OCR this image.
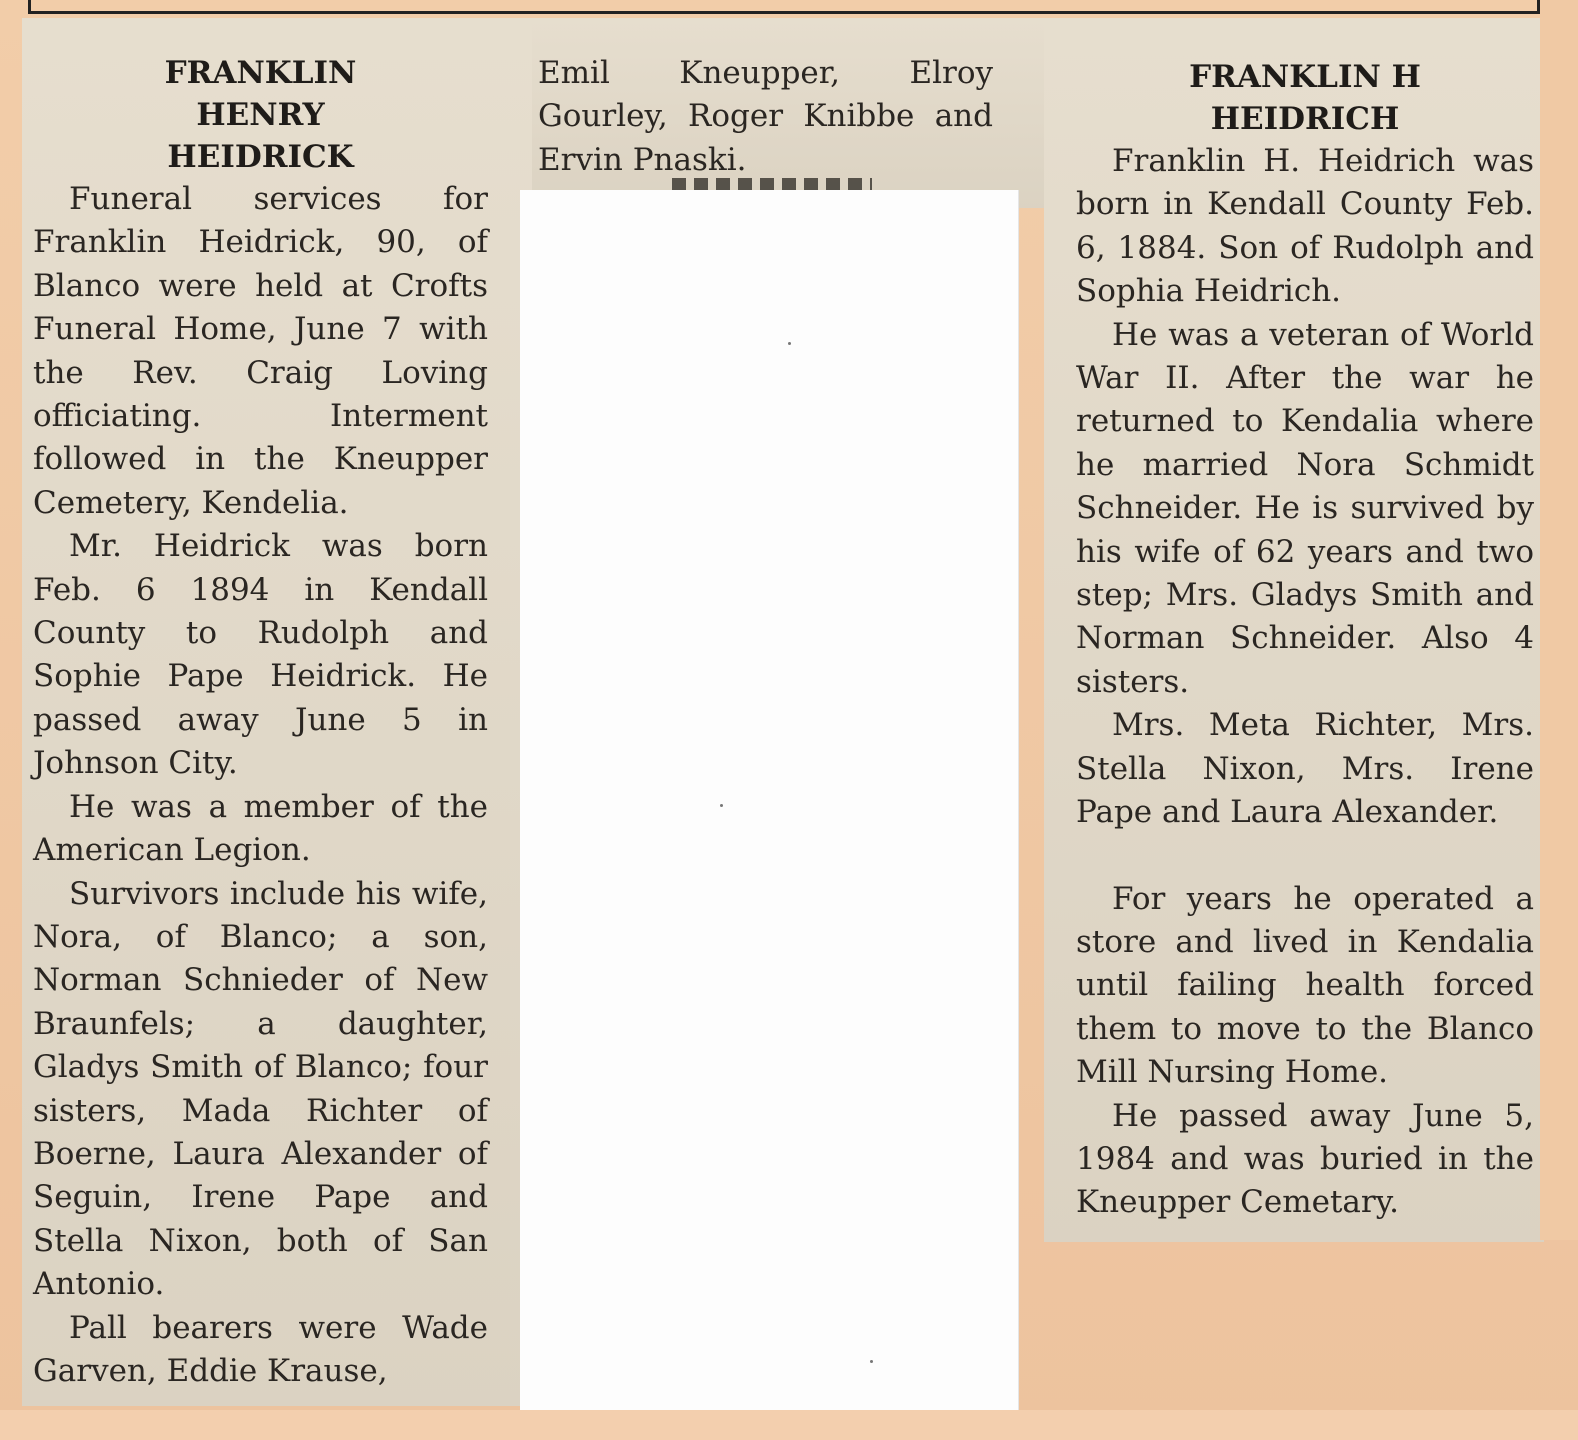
FRANKLIN

HENRY

HEIDRICK

Funeral services for Franklin Heidrick, 90, of Blanco were held at Crofts Funeral Home, June 7 with the Rev. Craig Loving officiating. Interment followed in the Kneupper Cemetery, Kendelia.

Mr. Heidrick was born Feb. 6 1894 in Kendall County to Rudolph and Sophie Pape Heidrick. He passed away June 5 in Johnson City.

He was a member of the American Legion.

Survivors include his wife, Nora, of Blanco; a son, Norman Schnieder of New Braunfels; a daughter, Gladys Smith of Blanco; four sisters, Mada Richter of Boerne, Laura Alexander of Seguin, Irene Pape and Stella Nixon, both of San Antonio.

Pall bearers were Wade Garven, Eddie Krause,

Emil Kneupper, Elroy Gourley, Roger Knibbe and Ervin Pnaski.

FRANKLIN H

HEIDRICH

Franklin H. Heidrich was born in Kendall County Feb. 6, 1884. Son of Rudolph and Sophia Heidrich.

He was a veteran of World War II. After the war he returned to Kendalia where he married Nora Schmidt Schneider. He is survived by his wife of 62 years and two step; Mrs. Gladys Smith and Norman Schneider. Also 4 sisters.

Mrs. Meta Richter, Mrs. Stella Nixon, Mrs. Irene Pape and Laura Alexander.

For years he operated a store and lived in Kendalia until failing health forced them to move to the Blanco Mill Nursing Home.

He passed away June 5, 1984 and was buried in the Kneupper Cemetary.
